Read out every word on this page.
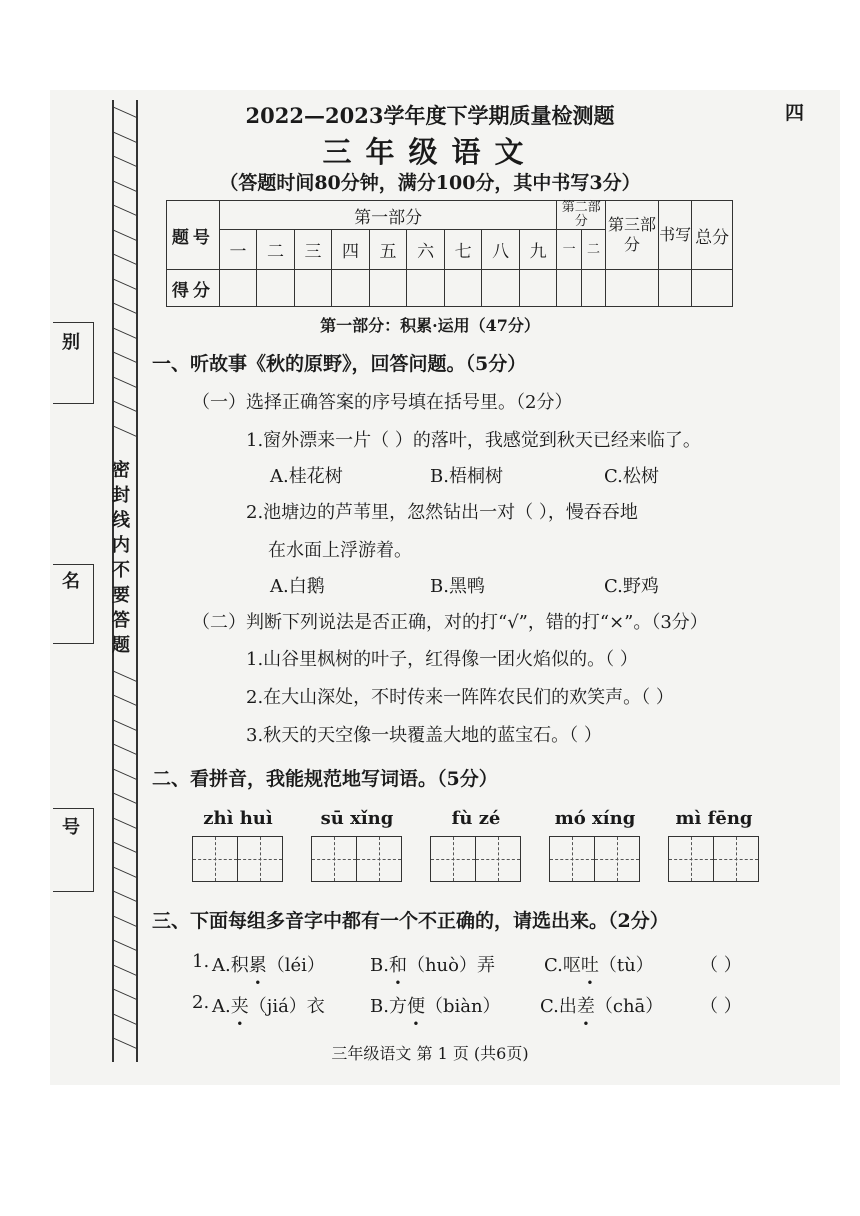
四
2022—2023学年度下学期质量检测题
三年级语文
（答题时间80分钟，满分100分，其中书写3分）
密
封
线
内
不
要
答
题
别
名
号
题号	第一部分									第二部分		第三部分	书写	总分
	一	二	三	四	五	六	七	八	九	一	二			
得分														
第一部分：积累·运用（47分）
一、听故事《秋的原野》，回答问题。（5分）
（一）选择正确答案的序号填在括号里。（2分）
1.窗外漂来一片（ ）的落叶，我感觉到秋天已经来临了。
A.桂花树	B.梧桐树	C.松树
2.池塘边的芦苇里，忽然钻出一对（ ），慢吞吞地
在水面上浮游着。
A.白鹅	B.黑鸭	C.野鸡
（二）判断下列说法是否正确，对的打“√”，错的打“×”。（3分）
1.山谷里枫树的叶子，红得像一团火焰似的。（ ）
2.在大山深处，不时传来一阵阵农民们的欢笑声。（ ）
3.秋天的天空像一块覆盖大地的蓝宝石。（ ）
二、看拼音，我能规范地写词语。（5分）
zhì huì	sū xǐng	fù zé	mó xíng	mì fēng
三、下面每组多音字中都有一个不正确的，请选出来。（2分）
1. A.积累（léi）	B.和（huò）弄	C.呕吐（tù）	（ ）
2. A.夹（jiá）衣	B.方便（biàn） C.出差（chā） （ ）
三年级语文 第 1 页 (共6页)
